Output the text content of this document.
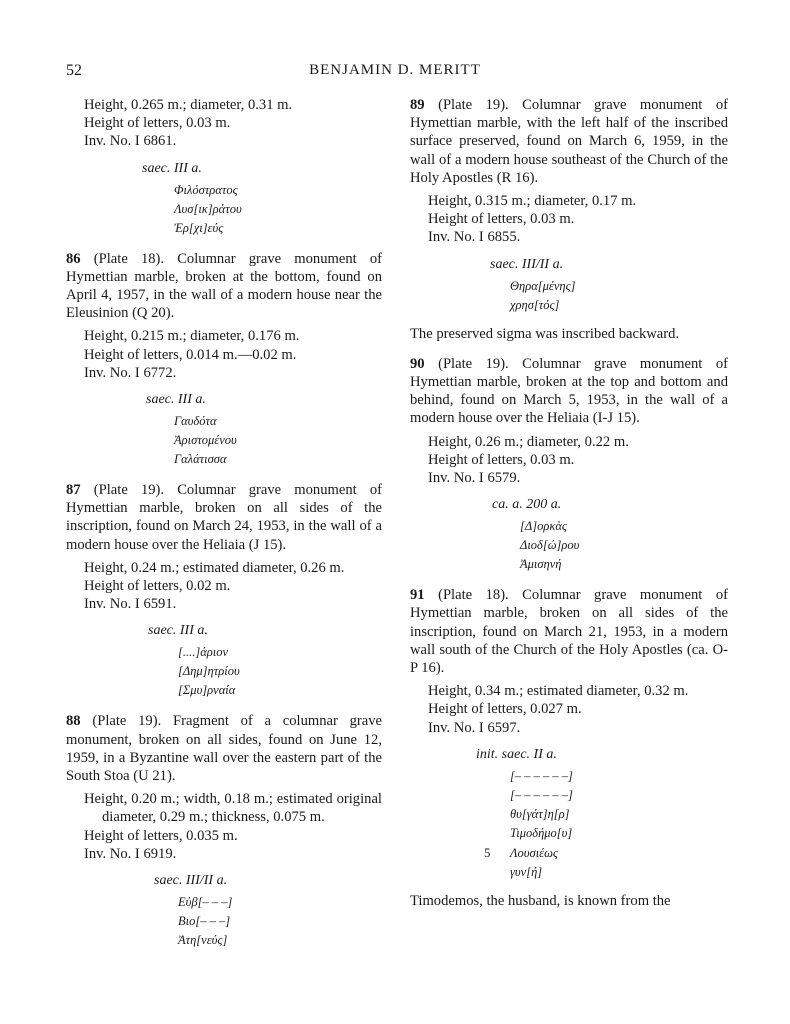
52	BENJAMIN D. MERITT
Height, 0.265 m.; diameter, 0.31 m.
Height of letters, 0.03 m.
Inv. No. I 6861.
saec. III a.
Φιλόστρατος
Λυσ[ικ]ράτου
Ἐρ[χι]εύς
86 (Plate 18). Columnar grave monument of Hymettian marble, broken at the bottom, found on April 4, 1957, in the wall of a modern house near the Eleusinion (Q 20).
Height, 0.215 m.; diameter, 0.176 m.
Height of letters, 0.014 m.—0.02 m.
Inv. No. I 6772.
saec. III a.
Γαυδότα
Ἀριστομένου
Γαλάτισσα
87 (Plate 19). Columnar grave monument of Hymettian marble, broken on all sides of the inscription, found on March 24, 1953, in the wall of a modern house over the Heliaia (J 15).
Height, 0.24 m.; estimated diameter, 0.26 m.
Height of letters, 0.02 m.
Inv. No. I 6591.
saec. III a.
[....]άριον
[Δημ]ητρίου
[Σμυ]ρναία
88 (Plate 19). Fragment of a columnar grave monument, broken on all sides, found on June 12, 1959, in a Byzantine wall over the eastern part of the South Stoa (U 21).
Height, 0.20 m.; width, 0.18 m.; estimated original diameter, 0.29 m.; thickness, 0.075 m.
Height of letters, 0.035 m.
Inv. No. I 6919.
saec. III/II a.
Εὐβ[– – –]
Βιο[– – –]
Ἀτη[νεύς]
89 (Plate 19). Columnar grave monument of Hymettian marble, with the left half of the inscribed surface preserved, found on March 6, 1959, in the wall of a modern house southeast of the Church of the Holy Apostles (R 16).
Height, 0.315 m.; diameter, 0.17 m.
Height of letters, 0.03 m.
Inv. No. I 6855.
saec. III/II a.
Θηρα[μένης]
χρησ[τός]
The preserved sigma was inscribed backward.
90 (Plate 19). Columnar grave monument of Hymettian marble, broken at the top and bottom and behind, found on March 5, 1953, in the wall of a modern house over the Heliaia (I-J 15).
Height, 0.26 m.; diameter, 0.22 m.
Height of letters, 0.03 m.
Inv. No. I 6579.
ca. a. 200 a.
[Δ]ορκὰς
Διοδ[ώ]ρου
Ἀμισηνή
91 (Plate 18). Columnar grave monument of Hymettian marble, broken on all sides of the inscription, found on March 21, 1953, in a modern wall south of the Church of the Holy Apostles (ca. O-P 16).
Height, 0.34 m.; estimated diameter, 0.32 m.
Height of letters, 0.027 m.
Inv. No. I 6597.
init. saec. II a.
[– – – – – –]
[– – – – – –]
θυ[γάτ]η[ρ]
Τιμοδήμο[υ]
5 Λουσιέως
γυν[ή]
Timodemos, the husband, is known from the
